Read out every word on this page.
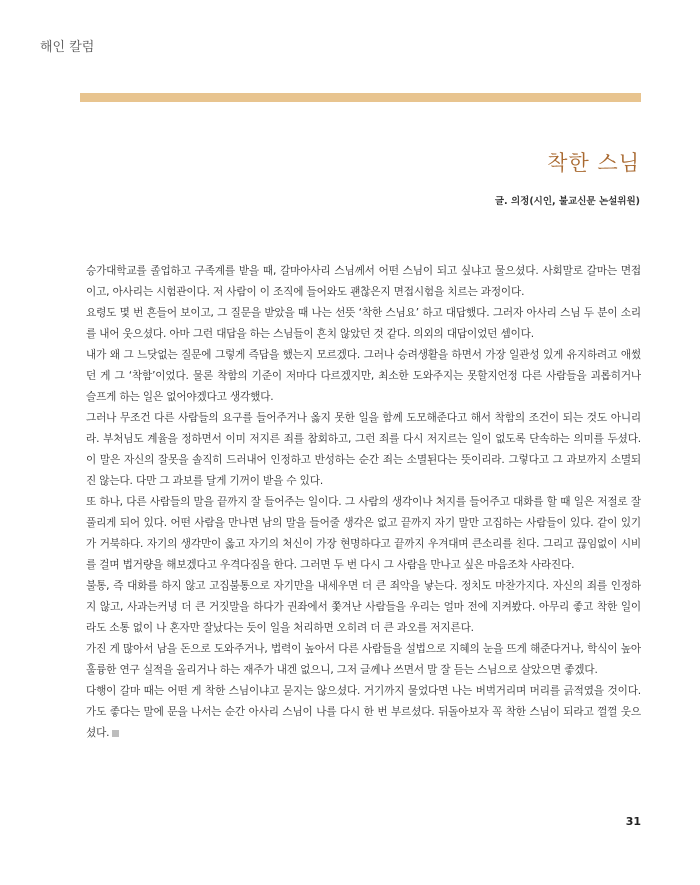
해인 칼럼
착한 스님
글. 의정(시인, 불교신문 논설위원)

승가대학교를 졸업하고 구족계를 받을 때, 갈마아사리 스님께서 어떤 스님이 되고 싶냐고 물으셨다. 사회말로 갈마는 면접이고, 아사리는 시험관이다. 저 사람이 이 조직에 들어와도 괜찮은지 면접시험을 치르는 과정이다.

요령도 몇 번 흔들어 보이고, 그 질문을 받았을 때 나는 선뜻 ‘착한 스님요’ 하고 대답했다. 그러자 아사리 스님 두 분이 소리를 내어 웃으셨다. 아마 그런 대답을 하는 스님들이 흔치 않았던 것 같다. 의외의 대답이었던 셈이다.

내가 왜 그 느닷없는 질문에 그렇게 즉답을 했는지 모르겠다. 그러나 승려생활을 하면서 가장 일관성 있게 유지하려고 애썼던 게 그 ‘착함’이었다. 물론 착함의 기준이 저마다 다르겠지만, 최소한 도와주지는 못할지언정 다른 사람들을 괴롭히거나 슬프게 하는 일은 없어야겠다고 생각했다.

그러나 무조건 다른 사람들의 요구를 들어주거나 옳지 못한 일을 함께 도모해준다고 해서 착함의 조건이 되는 것도 아니리라. 부처님도 계율을 정하면서 이미 저지른 죄를 참회하고, 그런 죄를 다시 저지르는 일이 없도록 단속하는 의미를 두셨다. 이 말은 자신의 잘못을 솔직히 드러내어 인정하고 반성하는 순간 죄는 소멸된다는 뜻이리라. 그렇다고 그 과보까지 소멸되진 않는다. 다만 그 과보를 달게 기꺼이 받을 수 있다.

또 하나, 다른 사람들의 말을 끝까지 잘 들어주는 일이다. 그 사람의 생각이나 처지를 들어주고 대화를 할 때 일은 저절로 잘 풀리게 되어 있다. 어떤 사람을 만나면 남의 말을 들어줄 생각은 없고 끝까지 자기 말만 고집하는 사람들이 있다. 같이 있기가 거북하다. 자기의 생각만이 옳고 자기의 처신이 가장 현명하다고 끝까지 우겨대며 큰소리를 친다. 그리고 끊임없이 시비를 걸며 법거량을 해보겠다고 우격다짐을 한다. 그러면 두 번 다시 그 사람을 만나고 싶은 마음조차 사라진다.

불통, 즉 대화를 하지 않고 고집불통으로 자기만을 내세우면 더 큰 죄악을 낳는다. 정치도 마찬가지다. 자신의 죄를 인정하지 않고, 사과는커녕 더 큰 거짓말을 하다가 권좌에서 쫓겨난 사람들을 우리는 얼마 전에 지켜봤다. 아무리 좋고 착한 일이라도 소통 없이 나 혼자만 잘났다는 듯이 일을 처리하면 오히려 더 큰 과오를 저지른다.

가진 게 많아서 남을 돈으로 도와주거나, 법력이 높아서 다른 사람들을 설법으로 지혜의 눈을 뜨게 해준다거나, 학식이 높아 훌륭한 연구 실적을 올리거나 하는 재주가 내겐 없으니, 그저 글께나 쓰면서 말 잘 듣는 스님으로 살았으면 좋겠다.

다행이 갈마 때는 어떤 게 착한 스님이냐고 묻지는 않으셨다. 거기까지 물었다면 나는 버벅거리며 머리를 긁적였을 것이다. 가도 좋다는 말에 문을 나서는 순간 아사리 스님이 나를 다시 한 번 부르셨다. 뒤돌아보자 꼭 착한 스님이 되라고 껄껄 웃으셨다.

31
